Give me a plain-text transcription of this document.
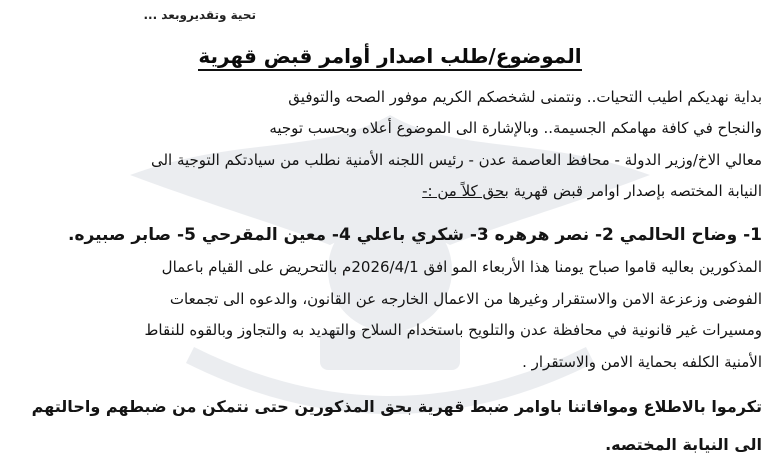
تحية وتقديروبعد ...
الموضوع/طلب اصدار أوامر قبض قهرية
بداية نهديكم اطيب التحيات.. ونتمنى لشخصكم الكريم موفور الصحه والتوفيق
والنجاح في كافة مهامكم الجسيمة.. وبالإشارة الى الموضوع أعلاه وبحسب توجيه
معالي الاخ/وزير الدولة - محافظ العاصمة عدن - رئيس اللجنه الأمنية نطلب من سيادتكم التوجية الى
النيابة المختصه بإصدار اوامر قبض قهرية بحق كلاً من :-
1- وضاح الحالمي 2- نصر هرهره 3- شكري باعلي 4- معين المقرحي 5- صابر صبيره.
المذكورين بعاليه قاموا صباح يومنا هذا الأربعاء المو افق 2026/4/1م بالتحريض على القيام باعمال
الفوضى وزعزعة الامن والاستقرار وغيرها من الاعمال الخارجه عن القانون، والدعوه الى تجمعات
ومسيرات غير قانونية في محافظة عدن والتلويح باستخدام السلاح والتهديد به والتجاوز وبالقوه للنقاط
الأمنية الكلفه بحماية الامن والاستقرار .
تكرموا بالاطلاع وموافاتنا باوامر ضبط قهرية بحق المذكورين حتى نتمكن من ضبطهم واحالتهم
الى النيابة المختصه.
